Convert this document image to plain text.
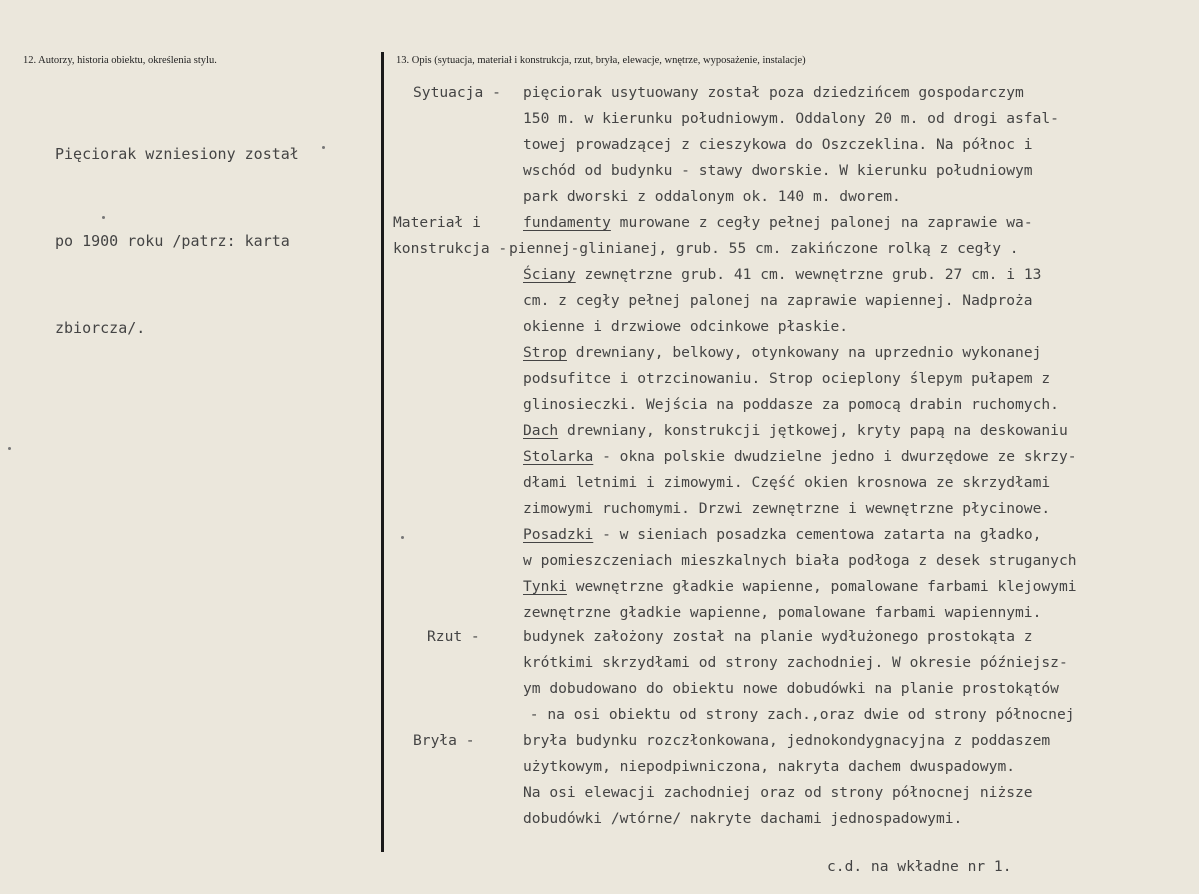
12. Autorzy, historia obiektu, określenia stylu.	13. Opis (sytuacja, materiał i konstrukcja, rzut, bryła, elewacje, wnętrze, wyposażenie, instalacje)

Pięciorak wzniesiony został

po 1900 roku /patrz: karta

zbiorcza/.

Sytuacja -
Materiał i
konstrukcja -
Rzut -
Bryła -
pięciorak usytuowany został poza dziedzińcem gospodarczym
150 m. w kierunku południowym. Oddalony 20 m. od drogi asfal-
towej prowadzącej z cieszykowa do Oszczeklina. Na północ i
wschód od budynku - stawy dworskie. W kierunku południowym
park dworski z oddalonym ok. 140 m. dworem.
fundamenty murowane z cegły pełnej palonej na zaprawie wa-
piennej-glinianej, grub. 55 cm. zakińczone rolką z cegły .
Ściany zewnętrzne grub. 41 cm. wewnętrzne grub. 27 cm. i 13
cm. z cegły pełnej palonej na zaprawie wapiennej. Nadproża
okienne i drzwiowe odcinkowe płaskie.
Strop drewniany, belkowy, otynkowany na uprzednio wykonanej
podsufitce i otrzcinowaniu. Strop ocieplony ślepym pułapem z
glinosieczki. Wejścia na poddasze za pomocą drabin ruchomych.
Dach drewniany, konstrukcji jętkowej, kryty papą na deskowaniu
Stolarka - okna polskie dwudzielne jedno i dwurzędowe ze skrzy-
dłami letnimi i zimowymi. Część okien krosnowa ze skrzydłami
zimowymi ruchomymi. Drzwi zewnętrzne i wewnętrzne płycinowe.
Posadzki - w sieniach posadzka cementowa zatarta na gładko,
w pomieszczeniach mieszkalnych biała podłoga z desek struganych
Tynki wewnętrzne gładkie wapienne, pomalowane farbami klejowymi
zewnętrzne gładkie wapienne, pomalowane farbami wapiennymi.
budynek założony został na planie wydłużonego prostokąta z
krótkimi skrzydłami od strony zachodniej. W okresie późniejsz-
ym dobudowano do obiektu nowe dobudówki na planie prostokątów
- na osi obiektu od strony zach.,oraz dwie od strony północnej
bryła budynku rozczłonkowana, jednokondygnacyjna z poddaszem
użytkowym, niepodpiwniczona, nakryta dachem dwuspadowym.
Na osi elewacji zachodniej oraz od strony północnej niższe
dobudówki /wtórne/ nakryte dachami jednospadowymi.
c.d. na wkładne nr 1.
